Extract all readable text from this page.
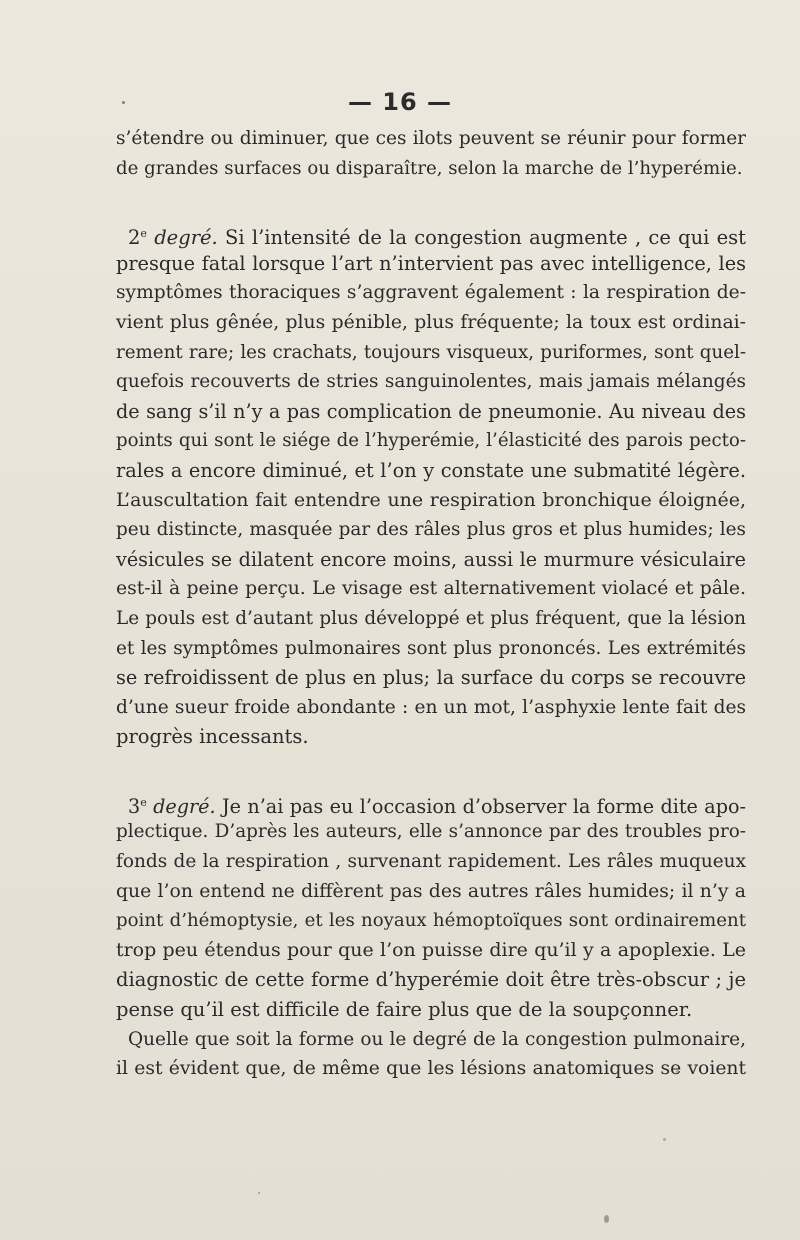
— 16 —
s’étendre ou diminuer, que ces ilots peuvent se réunir pour former
de grandes surfaces ou disparaître, selon la marche de l’hyperémie.
2e degré. Si l’intensité de la congestion augmente , ce qui est
presque fatal lorsque l’art n’intervient pas avec intelligence, les
symptômes thoraciques s’aggravent également : la respiration de-
vient plus gênée, plus pénible, plus fréquente; la toux est ordinai-
rement rare; les crachats, toujours visqueux, puriformes, sont quel-
quefois recouverts de stries sanguinolentes, mais jamais mélangés
de sang s’il n’y a pas complication de pneumonie. Au niveau des
points qui sont le siége de l’hyperémie, l’élasticité des parois pecto-
rales a encore diminué, et l’on y constate une submatité légère.
L’auscultation fait entendre une respiration bronchique éloignée,
peu distincte, masquée par des râles plus gros et plus humides; les
vésicules se dilatent encore moins, aussi le murmure vésiculaire
est-il à peine perçu. Le visage est alternativement violacé et pâle.
Le pouls est d’autant plus développé et plus fréquent, que la lésion
et les symptômes pulmonaires sont plus prononcés. Les extrémités
se refroidissent de plus en plus; la surface du corps se recouvre
d’une sueur froide abondante : en un mot, l’asphyxie lente fait des
progrès incessants.
3e degré. Je n’ai pas eu l’occasion d’observer la forme dite apo-
plectique. D’après les auteurs, elle s’annonce par des troubles pro-
fonds de la respiration , survenant rapidement. Les râles muqueux
que l’on entend ne diffèrent pas des autres râles humides; il n’y a
point d’hémoptysie, et les noyaux hémoptoïques sont ordinairement
trop peu étendus pour que l’on puisse dire qu’il y a apoplexie. Le
diagnostic de cette forme d’hyperémie doit être très-obscur ; je
pense qu’il est difficile de faire plus que de la soupçonner.
Quelle que soit la forme ou le degré de la congestion pulmonaire,
il est évident que, de même que les lésions anatomiques se voient
